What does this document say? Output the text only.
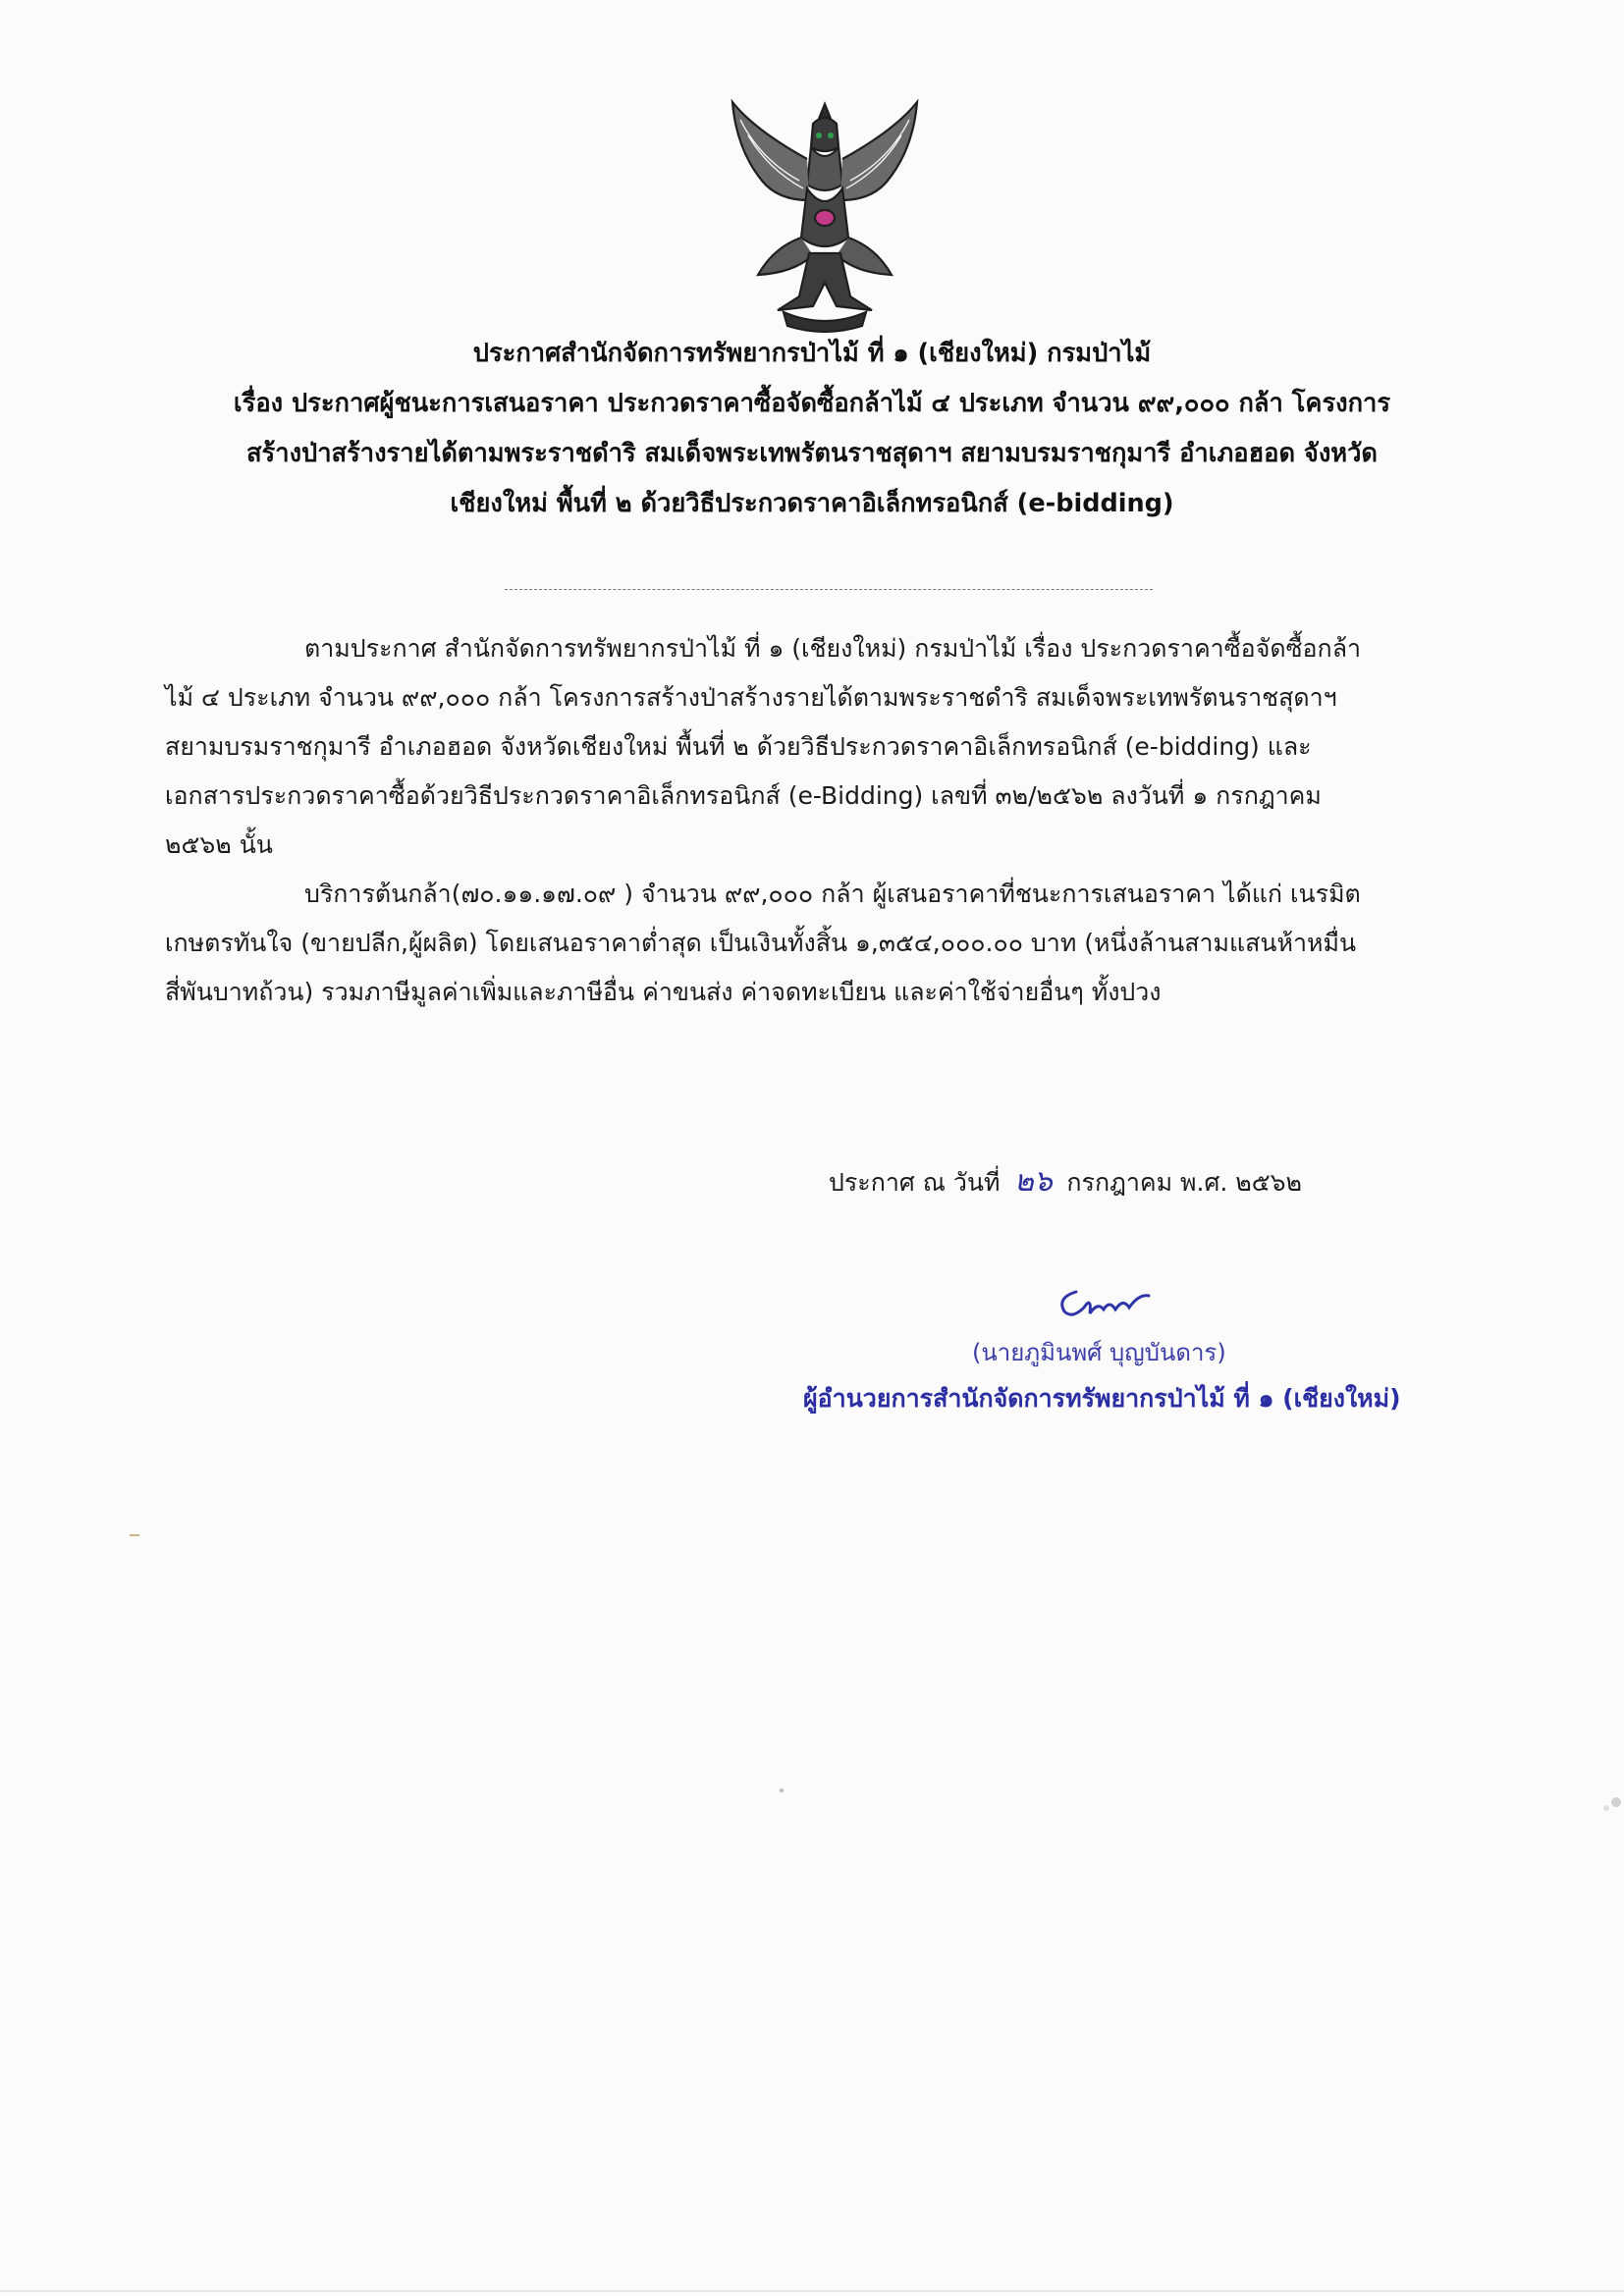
ประกาศสำนักจัดการทรัพยากรป่าไม้ ที่ ๑ (เชียงใหม่) กรมป่าไม้
เรื่อง ประกาศผู้ชนะการเสนอราคา ประกวดราคาซื้อจัดซื้อกล้าไม้ ๔ ประเภท จำนวน ๙๙,๐๐๐ กล้า โครงการ
สร้างป่าสร้างรายได้ตามพระราชดำริ สมเด็จพระเทพรัตนราชสุดาฯ สยามบรมราชกุมารี อำเภอฮอด จังหวัด
เชียงใหม่ พื้นที่ ๒ ด้วยวิธีประกวดราคาอิเล็กทรอนิกส์ (e-bidding)
ตามประกาศ สำนักจัดการทรัพยากรป่าไม้ ที่ ๑ (เชียงใหม่) กรมป่าไม้ เรื่อง ประกวดราคาซื้อจัดซื้อกล้า
ไม้ ๔ ประเภท จำนวน ๙๙,๐๐๐ กล้า โครงการสร้างป่าสร้างรายได้ตามพระราชดำริ สมเด็จพระเทพรัตนราชสุดาฯ
สยามบรมราชกุมารี อำเภอฮอด จังหวัดเชียงใหม่ พื้นที่ ๒ ด้วยวิธีประกวดราคาอิเล็กทรอนิกส์ (e-bidding) และ
เอกสารประกวดราคาซื้อด้วยวิธีประกวดราคาอิเล็กทรอนิกส์ (e-Bidding) เลขที่ ๓๒/๒๕๖๒ ลงวันที่ ๑ กรกฎาคม
๒๕๖๒ นั้น
บริการต้นกล้า(๗๐.๑๑.๑๗.๐๙ ) จำนวน ๙๙,๐๐๐ กล้า ผู้เสนอราคาที่ชนะการเสนอราคา ได้แก่ เนรมิต
เกษตรทันใจ (ขายปลีก,ผู้ผลิต) โดยเสนอราคาต่ำสุด เป็นเงินทั้งสิ้น ๑,๓๕๔,๐๐๐.๐๐ บาท (หนึ่งล้านสามแสนห้าหมื่น
สี่พันบาทถ้วน) รวมภาษีมูลค่าเพิ่มและภาษีอื่น ค่าขนส่ง ค่าจดทะเบียน และค่าใช้จ่ายอื่นๆ ทั้งปวง
ประกาศ ณ วันที่ ๒๖ กรกฎาคม พ.ศ. ๒๕๖๒
(นายภูมินพศ์ บุญบันดาร)
ผู้อำนวยการสำนักจัดการทรัพยากรป่าไม้ ที่ ๑ (เชียงใหม่)
